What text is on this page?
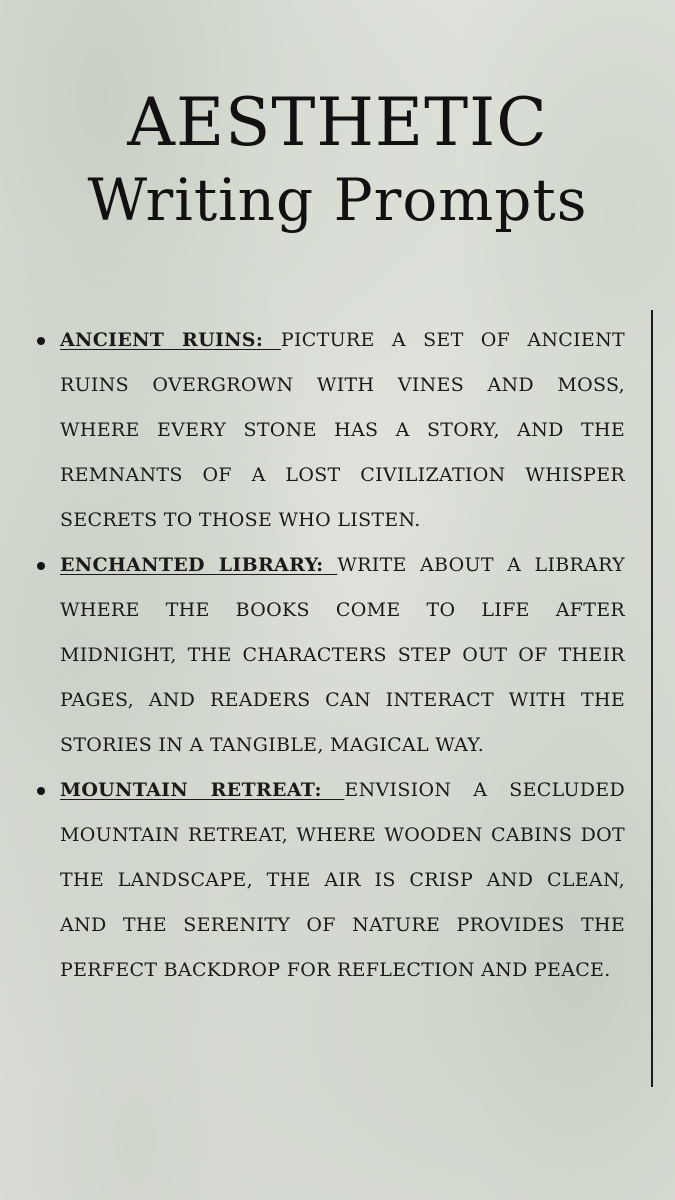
AESTHETIC
Writing Prompts
ANCIENT RUINS: PICTURE A SET OF ANCIENT RUINS OVERGROWN WITH VINES AND MOSS, WHERE EVERY STONE HAS A STORY, AND THE REMNANTS OF A LOST CIVILIZATION WHISPER SECRETS TO THOSE WHO LISTEN.
ENCHANTED LIBRARY: WRITE ABOUT A LIBRARY WHERE THE BOOKS COME TO LIFE AFTER MIDNIGHT, THE CHARACTERS STEP OUT OF THEIR PAGES, AND READERS CAN INTERACT WITH THE STORIES IN A TANGIBLE, MAGICAL WAY.
MOUNTAIN RETREAT: ENVISION A SECLUDED MOUNTAIN RETREAT, WHERE WOODEN CABINS DOT THE LANDSCAPE, THE AIR IS CRISP AND CLEAN, AND THE SERENITY OF NATURE PROVIDES THE PERFECT BACKDROP FOR REFLECTION AND PEACE.
